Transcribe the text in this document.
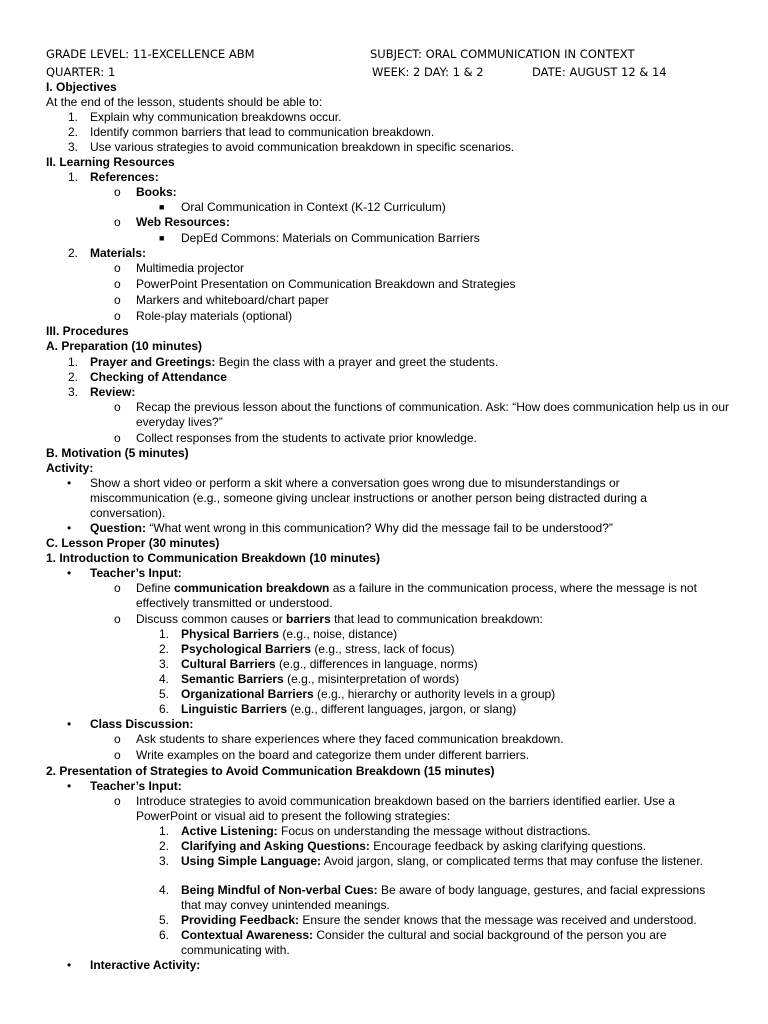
GRADE LEVEL: 11-EXCELLENCE ABM	SUBJECT: ORAL COMMUNICATION IN CONTEXT
QUARTER: 1	WEEK: 2 DAY: 1 & 2	DATE: AUGUST 12 & 14
I. Objectives
At the end of the lesson, students should be able to:
1. Explain why communication breakdowns occur.
2. Identify common barriers that lead to communication breakdown.
3. Use various strategies to avoid communication breakdown in specific scenarios.
II. Learning Resources
1. References:
o Books:
■ Oral Communication in Context (K-12 Curriculum)
o Web Resources:
■ DepEd Commons: Materials on Communication Barriers
2. Materials:
o Multimedia projector
o PowerPoint Presentation on Communication Breakdown and Strategies
o Markers and whiteboard/chart paper
o Role-play materials (optional)
III. Procedures
A. Preparation (10 minutes)
1. Prayer and Greetings: Begin the class with a prayer and greet the students.
2. Checking of Attendance
3. Review:
o Recap the previous lesson about the functions of communication. Ask: “How does communication help us in our everyday lives?”
o Collect responses from the students to activate prior knowledge.
B. Motivation (5 minutes)
Activity:
• Show a short video or perform a skit where a conversation goes wrong due to misunderstandings or miscommunication (e.g., someone giving unclear instructions or another person being distracted during a conversation).
• Question: “What went wrong in this communication? Why did the message fail to be understood?”
C. Lesson Proper (30 minutes)
1. Introduction to Communication Breakdown (10 minutes)
• Teacher’s Input:
o Define communication breakdown as a failure in the communication process, where the message is not effectively transmitted or understood.
o Discuss common causes or barriers that lead to communication breakdown:
1. Physical Barriers (e.g., noise, distance)
2. Psychological Barriers (e.g., stress, lack of focus)
3. Cultural Barriers (e.g., differences in language, norms)
4. Semantic Barriers (e.g., misinterpretation of words)
5. Organizational Barriers (e.g., hierarchy or authority levels in a group)
6. Linguistic Barriers (e.g., different languages, jargon, or slang)
• Class Discussion:
o Ask students to share experiences where they faced communication breakdown.
o Write examples on the board and categorize them under different barriers.
2. Presentation of Strategies to Avoid Communication Breakdown (15 minutes)
• Teacher’s Input:
o Introduce strategies to avoid communication breakdown based on the barriers identified earlier. Use a PowerPoint or visual aid to present the following strategies:
1. Active Listening: Focus on understanding the message without distractions.
2. Clarifying and Asking Questions: Encourage feedback by asking clarifying questions.
3. Using Simple Language: Avoid jargon, slang, or complicated terms that may confuse the listener.
4. Being Mindful of Non-verbal Cues: Be aware of body language, gestures, and facial expressions that may convey unintended meanings.
5. Providing Feedback: Ensure the sender knows that the message was received and understood.
6. Contextual Awareness: Consider the cultural and social background of the person you are communicating with.
• Interactive Activity:
